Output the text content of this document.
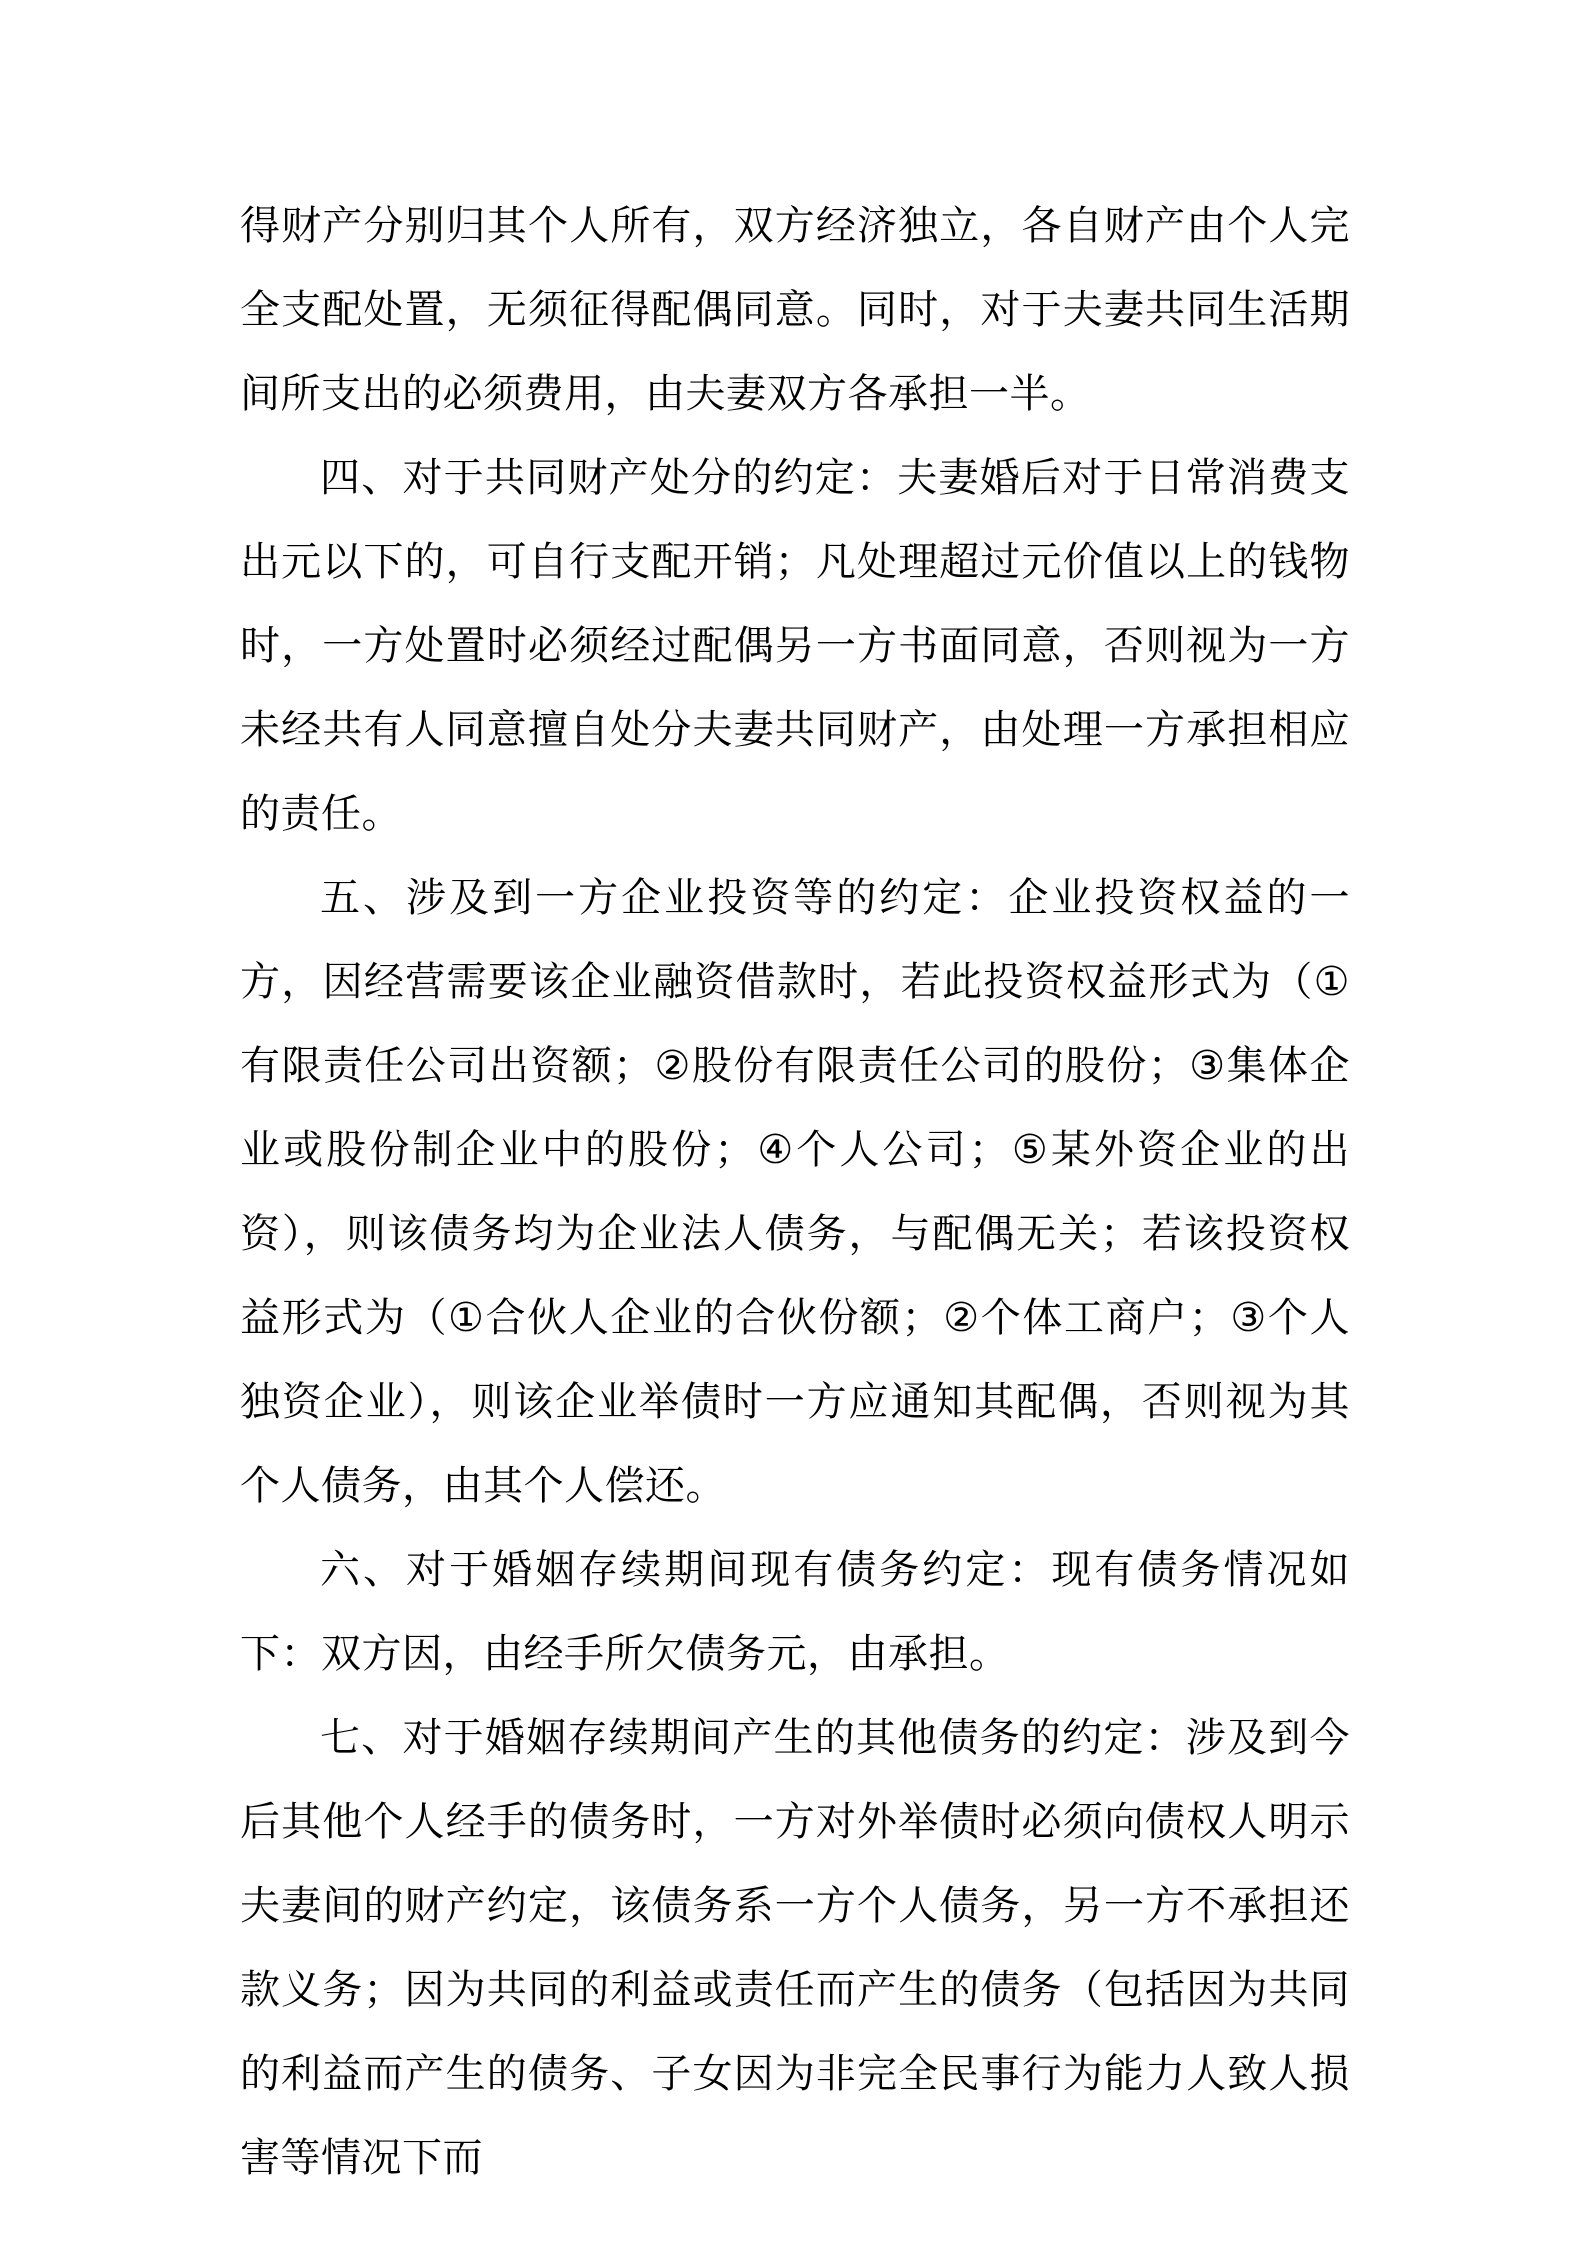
得财产分别归其个人所有，双方经济独立，各自财产由个人完全支配处置，无须征得配偶同意。同时，对于夫妻共同生活期间所支出的必须费用，由夫妻双方各承担一半。

四、对于共同财产处分的约定：夫妻婚后对于日常消费支出元以下的，可自行支配开销；凡处理超过元价值以上的钱物时，一方处置时必须经过配偶另一方书面同意，否则视为一方未经共有人同意擅自处分夫妻共同财产，由处理一方承担相应的责任。

五、涉及到一方企业投资等的约定：企业投资权益的一方，因经营需要该企业融资借款时，若此投资权益形式为（①有限责任公司出资额；②股份有限责任公司的股份；③集体企业或股份制企业中的股份；④个人公司；⑤某外资企业的出资），则该债务均为企业法人债务，与配偶无关；若该投资权益形式为（①合伙人企业的合伙份额；②个体工商户；③个人独资企业），则该企业举债时一方应通知其配偶，否则视为其个人债务，由其个人偿还。

六、对于婚姻存续期间现有债务约定：现有债务情况如下：双方因，由经手所欠债务元，由承担。

七、对于婚姻存续期间产生的其他债务的约定：涉及到今后其他个人经手的债务时，一方对外举债时必须向债权人明示夫妻间的财产约定，该债务系一方个人债务，另一方不承担还款义务；因为共同的利益或责任而产生的债务（包括因为共同的利益而产生的债务、子女因为非完全民事行为能力人致人损害等情况下而
